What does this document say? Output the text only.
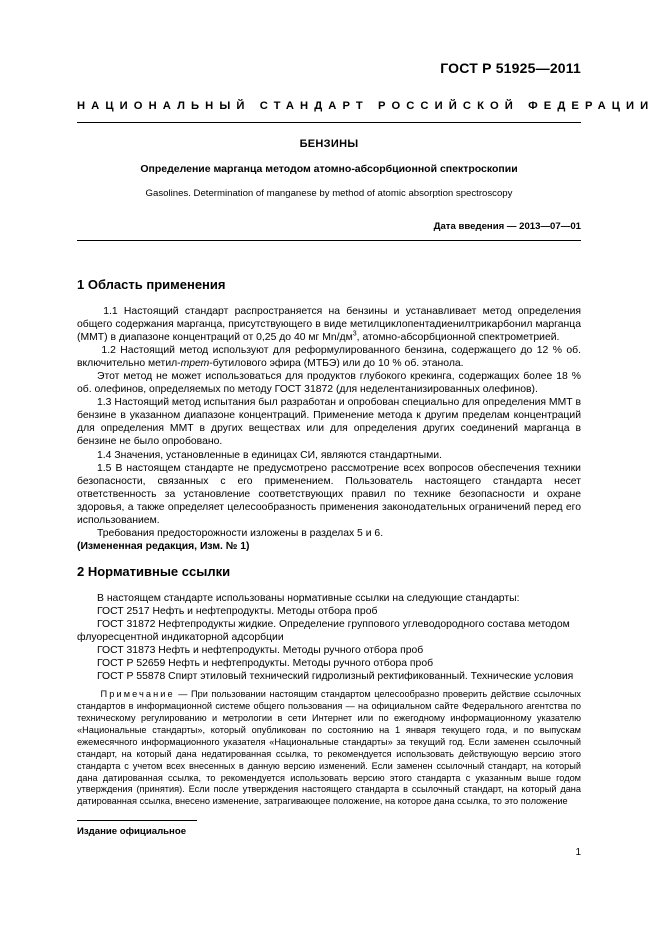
ГОСТ Р 51925—2011
НАЦИОНАЛЬНЫЙ СТАНДАРТ РОССИЙСКОЙ ФЕДЕРАЦИИ
БЕНЗИНЫ
Определение марганца методом атомно-абсорбционной спектроскопии
Gasolines. Determination of manganese by method of atomic absorption spectroscopy
Дата введения — 2013—07—01
1 Область применения

1.1 Настоящий стандарт распространяется на бензины и устанавливает метод определения общего содержания марганца, присутствующего в виде метилциклопентадиенилтрикарбонил марганца (ММТ) в диапазоне концентраций от 0,25 до 40 мг $Mn/дм^3$, атомно-абсорбционной спектрометрией.

1.2 Настоящий метод используют для реформулированного бензина, содержащего до 12 % об. включительно метил-трет-бутилового эфира (МТБЭ) или до 10 % об. этанола.

Этот метод не может использоваться для продуктов глубокого крекинга, содержащих более 18 % об. олефинов, определяемых по методу ГОСТ 31872 (для неделентанизированных олефинов).

1.3 Настоящий метод испытания был разработан и опробован специально для определения ММТ в бензине в указанном диапазоне концентраций. Применение метода к другим пределам концентраций для определения ММТ в других веществах или для определения других соединений марганца в бензине не было опробовано.

1.4 Значения, установленные в единицах СИ, являются стандартными.

1.5 В настоящем стандарте не предусмотрено рассмотрение всех вопросов обеспечения техники безопасности, связанных с его применением. Пользователь настоящего стандарта несет ответственность за установление соответствующих правил по технике безопасности и охране здоровья, а также определяет целесообразность применения законодательных ограничений перед его использованием.

Требования предосторожности изложены в разделах 5 и 6.

(Измененная редакция, Изм. № 1)

2 Нормативные ссылки

В настоящем стандарте использованы нормативные ссылки на следующие стандарты:

ГОСТ 2517 Нефть и нефтепродукты. Методы отбора проб

ГОСТ 31872 Нефтепродукты жидкие. Определение группового углеводородного состава методом флуоресцентной индикаторной адсорбции

ГОСТ 31873 Нефть и нефтепродукты. Методы ручного отбора проб

ГОСТ Р 52659 Нефть и нефтепродукты. Методы ручного отбора проб

ГОСТ Р 55878 Спирт этиловый технический гидролизный ректификованный. Технические условия

Примечание — При пользовании настоящим стандартом целесообразно проверить действие ссылочных стандартов в информационной системе общего пользования — на официальном сайте Федерального агентства по техническому регулированию и метрологии в сети Интернет или по ежегодному информационному указателю «Национальные стандарты», который опубликован по состоянию на 1 января текущего года, и по выпускам ежемесячного информационного указателя «Национальные стандарты» за текущий год. Если заменен ссылочный стандарт, на который дана недатированная ссылка, то рекомендуется использовать действующую версию этого стандарта с учетом всех внесенных в данную версию изменений. Если заменен ссылочный стандарт, на который дана датированная ссылка, то рекомендуется использовать версию этого стандарта с указанным выше годом утверждения (принятия). Если после утверждения настоящего стандарта в ссылочный стандарт, на который дана датированная ссылка, внесено изменение, затрагивающее положение, на которое дана ссылка, то это положение

Издание официальное
1
